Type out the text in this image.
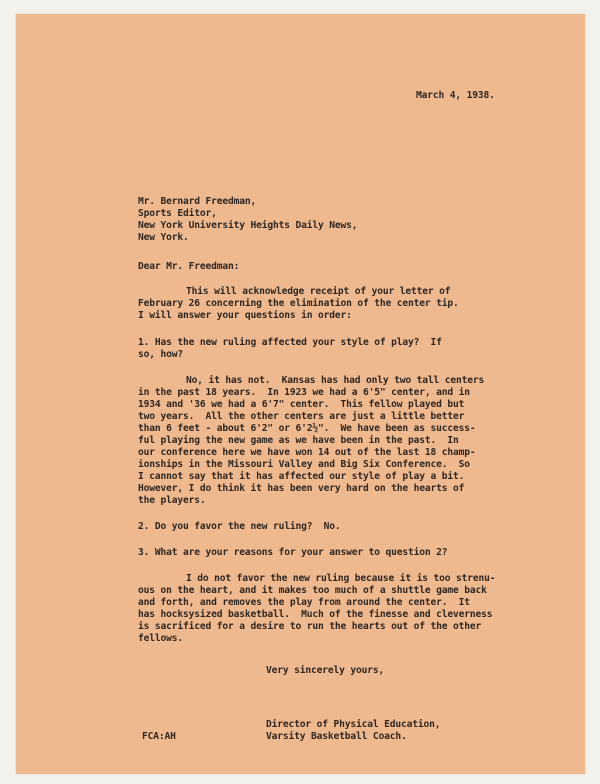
March 4, 1938.
Mr. Bernard Freedman,
Sports Editor,
New York University Heights Daily News,
New York.
Dear Mr. Freedman:
This will acknowledge receipt of your letter of
February 26 concerning the elimination of the center tip.
I will answer your questions in order:
1. Has the new ruling affected your style of play?  If
so, how?
No, it has not.  Kansas has had only two tall centers
in the past 18 years.  In 1923 we had a 6'5" center, and in
1934 and '36 we had a 6'7" center.  This fellow played but
two years.  All the other centers are just a little better
than 6 feet - about 6'2" or 6'2½".  We have been as success-
ful playing the new game as we have been in the past.  In
our conference here we have won 14 out of the last 18 champ-
ionships in the Missouri Valley and Big Six Conference.  So
I cannot say that it has affected our style of play a bit.
However, I do think it has been very hard on the hearts of
the players.
2. Do you favor the new ruling?  No.
3. What are your reasons for your answer to question 2?
I do not favor the new ruling because it is too strenu-
ous on the heart, and it makes too much of a shuttle game back
and forth, and removes the play from around the center.  It
has hocksysized basketball.  Much of the finesse and cleverness
is sacrificed for a desire to run the hearts out of the other
fellows.
Very sincerely yours,
Director of Physical Education,
FCA:AH	Varsity Basketball Coach.
